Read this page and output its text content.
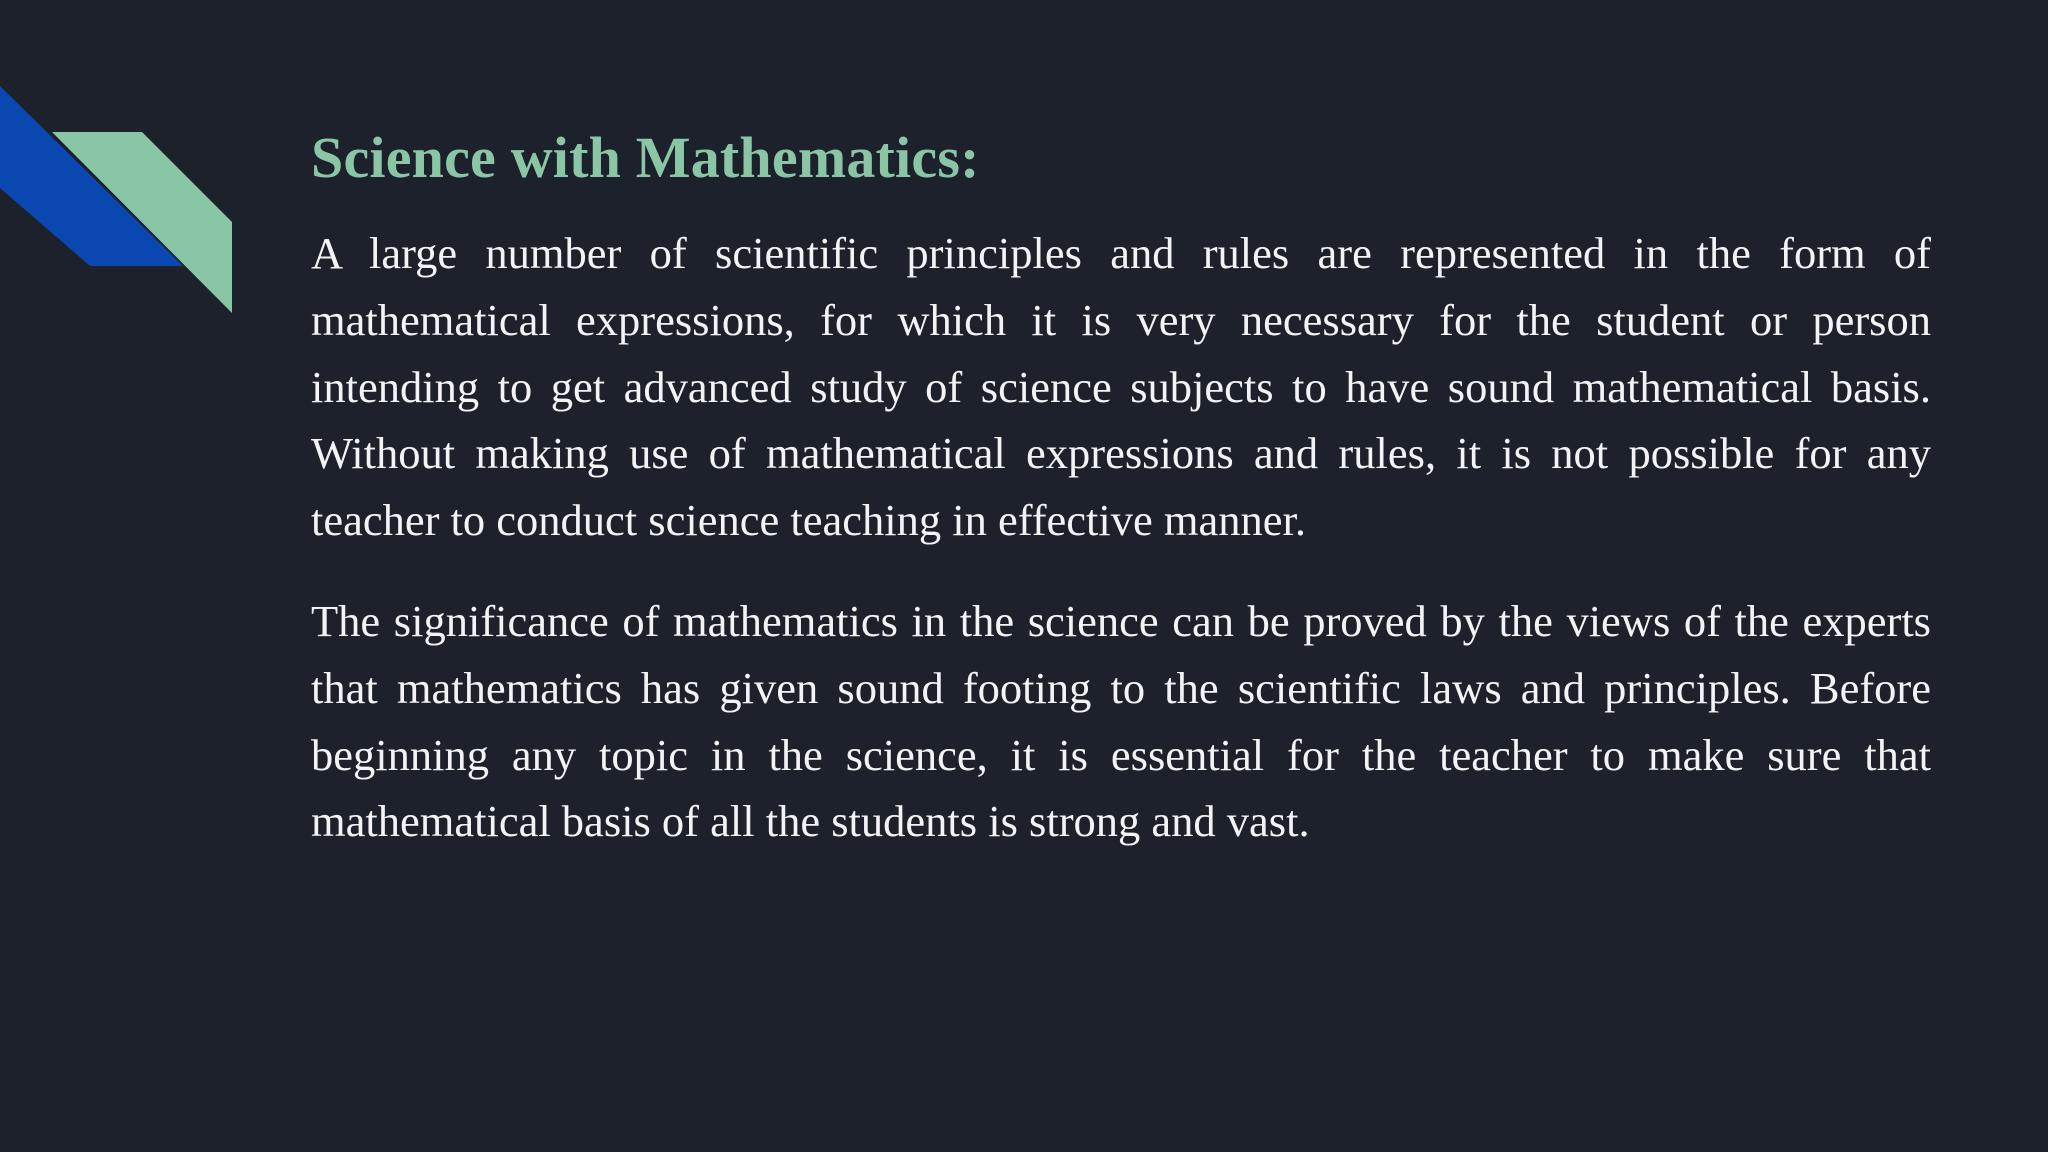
Science with Mathematics:

A large number of scientific principles and rules are represented in the form of mathematical expressions, for which it is very necessary for the student or person intending to get advanced study of science subjects to have sound mathematical basis. Without making use of mathematical expressions and rules, it is not possible for any teacher to conduct science teaching in effective manner.

The significance of mathematics in the science can be proved by the views of the experts that mathematics has given sound footing to the scientific laws and principles. Before beginning any topic in the science, it is essential for the teacher to make sure that mathematical basis of all the students is strong and vast.
